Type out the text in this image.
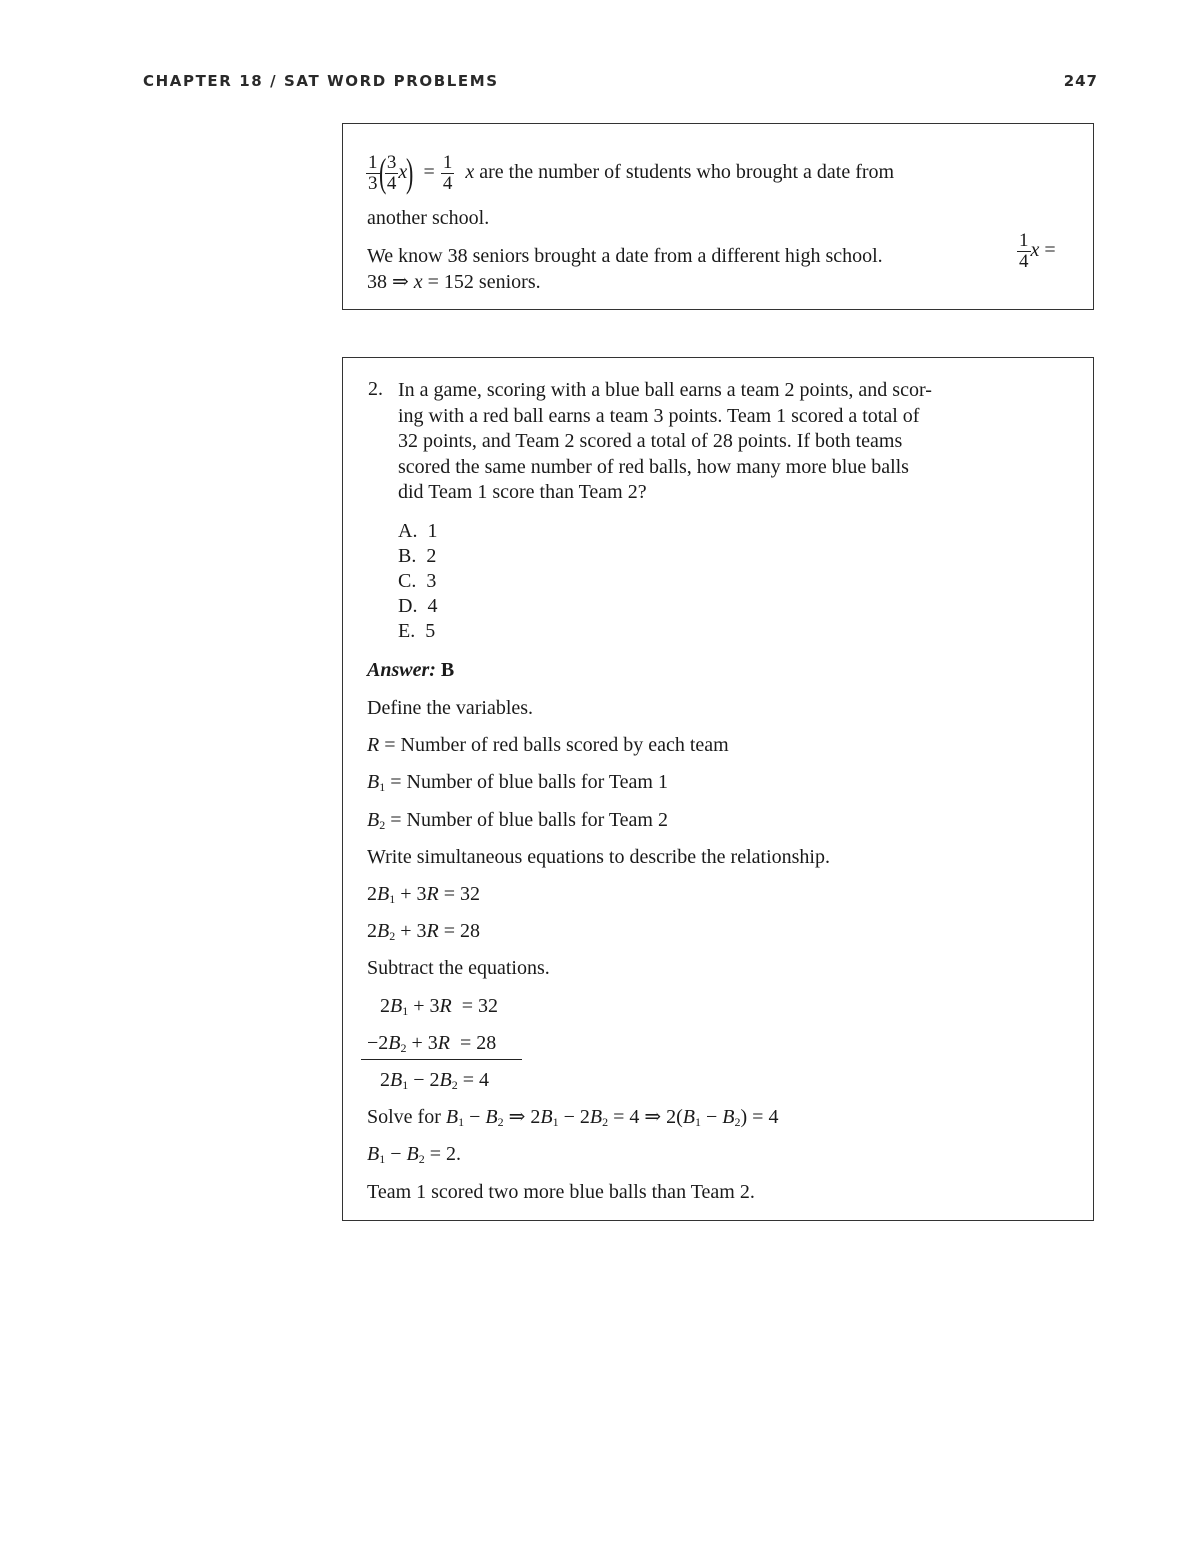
CHAPTER 18 / SAT WORD PROBLEMS	247
$\frac{1}{3}$
(
$\frac{3}{4} x) = \frac{1}{4}$ x are the number of students who brought a date from
another school.
We know 38 seniors brought a date from a different high school.	$\frac{1}{4}$ x =
38 ⇒ x = 152 seniors.
2. In a game, scoring with a blue ball earns a team 2 points, and scor-
ing with a red ball earns a team 3 points. Team 1 scored a total of
32 points, and Team 2 scored a total of 28 points. If both teams
scored the same number of red balls, how many more blue balls
did Team 1 score than Team 2?
A. 1
B. 2
C. 3
D. 4
E. 5
Answer: B
Define the variables.
R = Number of red balls scored by each team
$B_1$ = Number of blue balls for Team 1
$B_2$ = Number of blue balls for Team 2
Write simultaneous equations to describe the relationship.
$2B_1 + 3R = 32$
$2B_2 + 3R = 28$
Subtract the equations.
$2B_1 + 3R = 32$
$-2B_2 + 3R = 28$
$2B_1 - 2B_2 = 4$
Solve for $B_1 - B_2$ ⇒ $2B_1 - 2B_2 = 4$ ⇒ $2(B_1 - B_2) = 4$
$B_1 - B_2 = 2$.
Team 1 scored two more blue balls than Team 2.
